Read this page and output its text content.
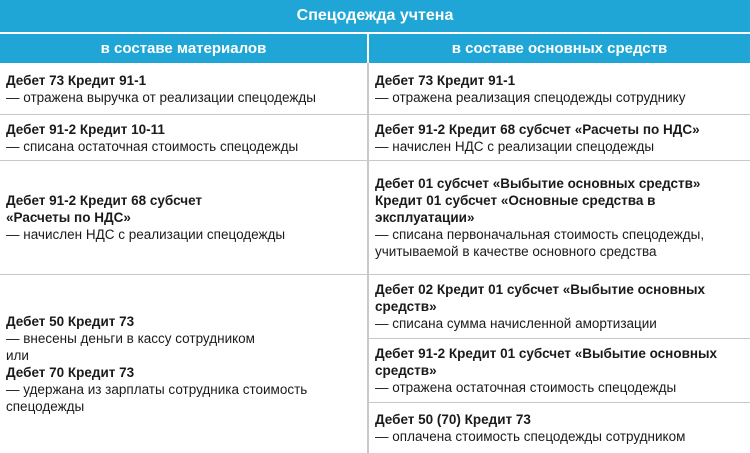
Спецодежда учтена
в составе материалов	в составе основных средств
Дебет 73 Кредит 91-1
— отражена выручка от реализации спецодежды
Дебет 91-2 Кредит 10-11
— списана остаточная стоимость спецодежды
Дебет 91-2 Кредит 68 субсчет «Расчеты по НДС»
— начислен НДС с реализации спецодежды
Дебет 50 Кредит 73
— внесены деньги в кассу сотрудником
или
Дебет 70 Кредит 73
— удержана из зарплаты сотрудника стоимость спецодежды
Дебет 73 Кредит 91-1
— отражена реализация спецодежды сотруднику
Дебет 91-2 Кредит 68 субсчет «Расчеты по НДС»
— начислен НДС с реализации спецодежды
Дебет 01 субсчет «Выбытие основных средств» Кредит 01 субсчет «Основные средства в эксплуатации»
— списана первоначальная стоимость спецодежды, учитываемой в качестве основного средства
Дебет 02 Кредит 01 субсчет «Выбытие основных средств»
— списана сумма начисленной амортизации
Дебет 91-2 Кредит 01 субсчет «Выбытие основных средств»
— отражена остаточная стоимость спецодежды
Дебет 50 (70) Кредит 73
— оплачена стоимость спецодежды сотрудником
